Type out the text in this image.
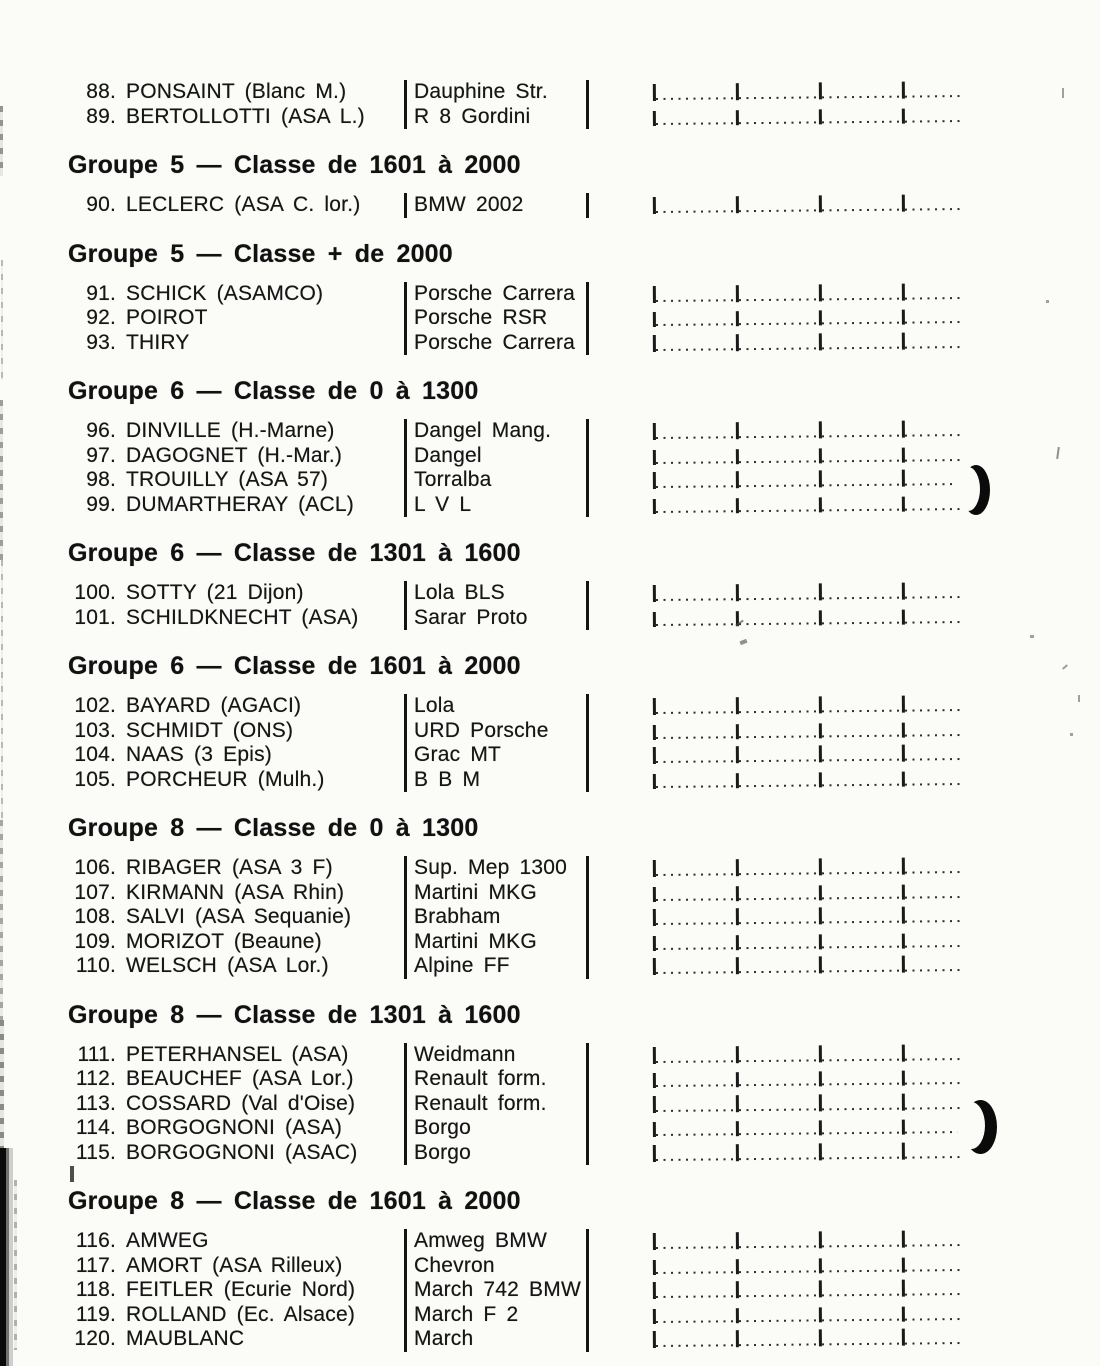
88. PONSAINT (Blanc M.)	Dauphine Str.
89. BERTOLLOTTI (ASA L.)	R 8 Gordini
Groupe 5 — Classe de 1601 à 2000
90. LECLERC (ASA C. lor.)	BMW 2002
Groupe 5 — Classe + de 2000
91. SCHICK (ASAMCO)	Porsche Carrera
92. POIROT	Porsche RSR
93. THIRY	Porsche Carrera
Groupe 6 — Classe de 0 à 1300
96. DINVILLE (H.-Marne)	Dangel Mang.
97. DAGOGNET (H.-Mar.)	Dangel
98. TROUILLY (ASA 57)	Torralba
99. DUMARTHERAY (ACL)	L V L
Groupe 6 — Classe de 1301 à 1600
100. SOTTY (21 Dijon)	Lola BLS
101. SCHILDKNECHT (ASA)	Sarar Proto
Groupe 6 — Classe de 1601 à 2000
102. BAYARD (AGACI)	Lola
103. SCHMIDT (ONS)	URD Porsche
104. NAAS (3 Epis)	Grac MT
105. PORCHEUR (Mulh.)	B B M
Groupe 8 — Classe de 0 à 1300
106. RIBAGER (ASA 3 F)	Sup. Mep 1300
107. KIRMANN (ASA Rhin)	Martini MKG
108. SALVI (ASA Sequanie)	Brabham
109. MORIZOT (Beaune)	Martini MKG
110. WELSCH (ASA Lor.)	Alpine FF
Groupe 8 — Classe de 1301 à 1600
111. PETERHANSEL (ASA)	Weidmann
112. BEAUCHEF (ASA Lor.)	Renault form.
113. COSSARD (Val d'Oise)	Renault form.
114. BORGOGNONI (ASA)	Borgo
115. BORGOGNONI (ASAC)	Borgo
Groupe 8 — Classe de 1601 à 2000
116. AMWEG	Amweg BMW
117. AMORT (ASA Rilleux)	Chevron
118. FEITLER (Ecurie Nord)	March 742 BMW
119. ROLLAND (Ec. Alsace)	March F 2
120. MAUBLANC	March
